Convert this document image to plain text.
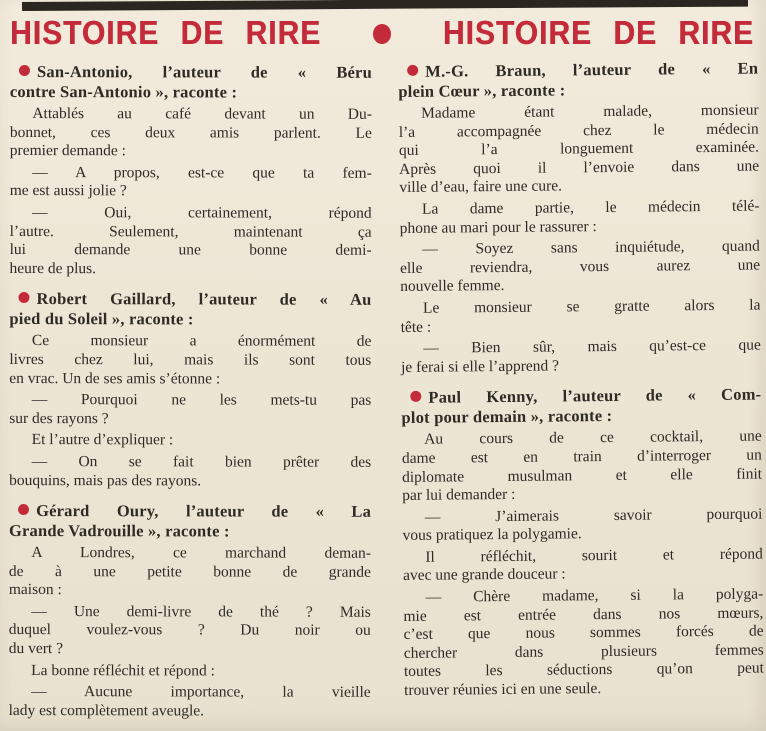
HISTOIRE DE RIRE	HISTOIRE DE RIRE
San-Antonio, l’auteur de « Béru
contre San-Antonio », raconte :

Attablés au café devant un Du-
bonnet, ces deux amis parlent. Le
premier demande :

— A propos, est-ce que ta fem-
me est aussi jolie ?

— Oui, certainement, répond
l’autre. Seulement, maintenant ça
lui demande une bonne demi-
heure de plus.

Robert Gaillard, l’auteur de « Au
pied du Soleil », raconte :

Ce monsieur a énormément de
livres chez lui, mais ils sont tous
en vrac. Un de ses amis s’étonne :

— Pourquoi ne les mets-tu pas
sur des rayons ?

Et l’autre d’expliquer :

— On se fait bien prêter des
bouquins, mais pas des rayons.

Gérard Oury, l’auteur de « La
Grande Vadrouille », raconte :

A Londres, ce marchand deman-
de à une petite bonne de grande
maison :

— Une demi-livre de thé ? Mais
duquel voulez-vous ? Du noir ou
du vert ?

La bonne réfléchit et répond :

— Aucune importance, la vieille
lady est complètement aveugle.

M.-G. Braun, l’auteur de « En
plein Cœur », raconte :

Madame étant malade, monsieur
l’a accompagnée chez le médecin
qui l’a longuement examinée.
Après quoi il l’envoie dans une
ville d’eau, faire une cure.

La dame partie, le médecin télé-
phone au mari pour le rassurer :

— Soyez sans inquiétude, quand
elle reviendra, vous aurez une
nouvelle femme.

Le monsieur se gratte alors la
tête :

— Bien sûr, mais qu’est-ce que
je ferai si elle l’apprend ?

Paul Kenny, l’auteur de « Com-
plot pour demain », raconte :

Au cours de ce cocktail, une
dame est en train d’interroger un
diplomate musulman et elle finit
par lui demander :

— J’aimerais savoir pourquoi
vous pratiquez la polygamie.

Il réfléchit, sourit et répond
avec une grande douceur :

— Chère madame, si la polyga-
mie est entrée dans nos mœurs,
c’est que nous sommes forcés de
chercher dans plusieurs femmes
toutes les séductions qu’on peut
trouver réunies ici en une seule.
